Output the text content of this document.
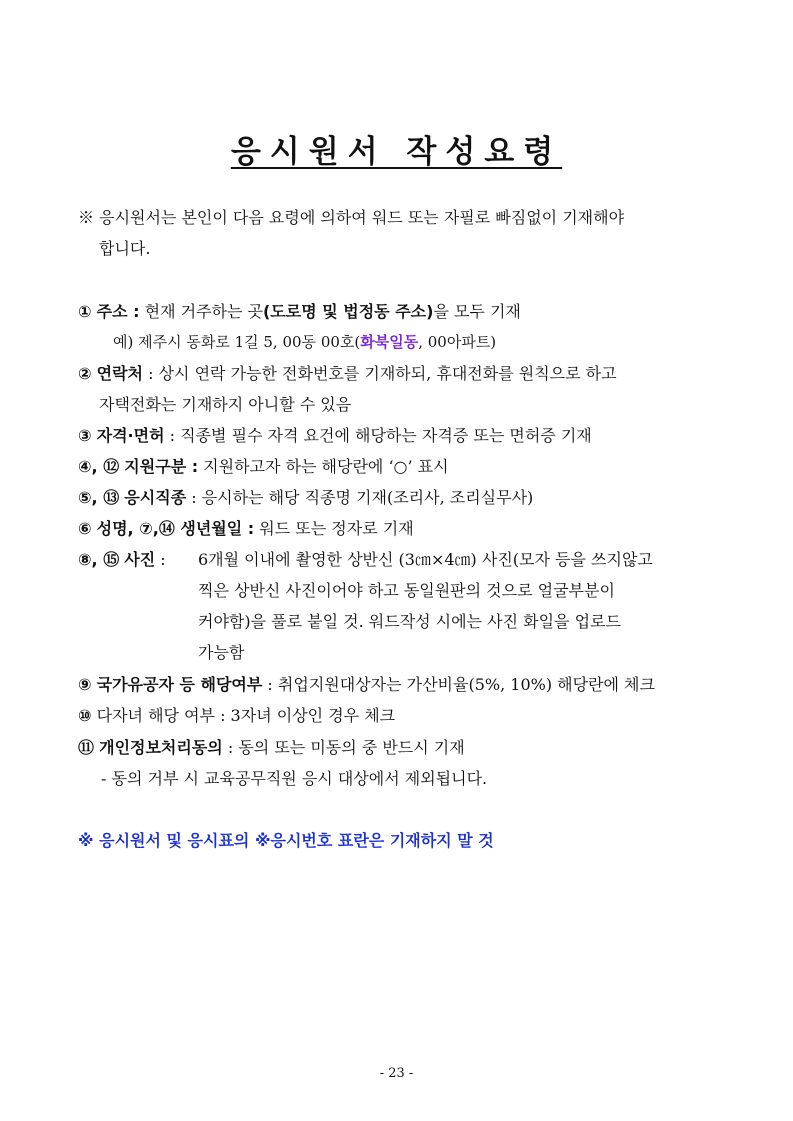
응시원서 작성요령
※ 응시원서는 본인이 다음 요령에 의하여 워드 또는 자필로 빠짐없이 기재해야
합니다.
① 주소 : 현재 거주하는 곳(도로명 및 법정동 주소)을 모두 기재
예) 제주시 동화로 1길 5, 00동 00호(화북일동, 00아파트)
② 연락처 : 상시 연락 가능한 전화번호를 기재하되, 휴대전화를 원칙으로 하고
자택전화는 기재하지 아니할 수 있음
③ 자격·면허 : 직종별 필수 자격 요건에 해당하는 자격증 또는 면허증 기재
④, ⑫ 지원구분 : 지원하고자 하는 해당란에 ‘○’ 표시
⑤, ⑬ 응시직종 : 응시하는 해당 직종명 기재(조리사, 조리실무사)
⑥ 성명, ⑦,⑭ 생년월일 : 워드 또는 정자로 기재
⑧, ⑮ 사진 : 6개월 이내에 촬영한 상반신 (3㎝×4㎝) 사진(모자 등을 쓰지않고
찍은 상반신 사진이어야 하고 동일원판의 것으로 얼굴부분이
커야함)을 풀로 붙일 것. 워드작성 시에는 사진 화일을 업로드
가능함
⑨ 국가유공자 등 해당여부 : 취업지원대상자는 가산비율(5%, 10%) 해당란에 체크
⑩ 다자녀 해당 여부 : 3자녀 이상인 경우 체크
⑪ 개인정보처리동의 : 동의 또는 미동의 중 반드시 기재
- 동의 거부 시 교육공무직원 응시 대상에서 제외됩니다.
※ 응시원서 및 응시표의 ※응시번호 표란은 기재하지 말 것
- 23 -
